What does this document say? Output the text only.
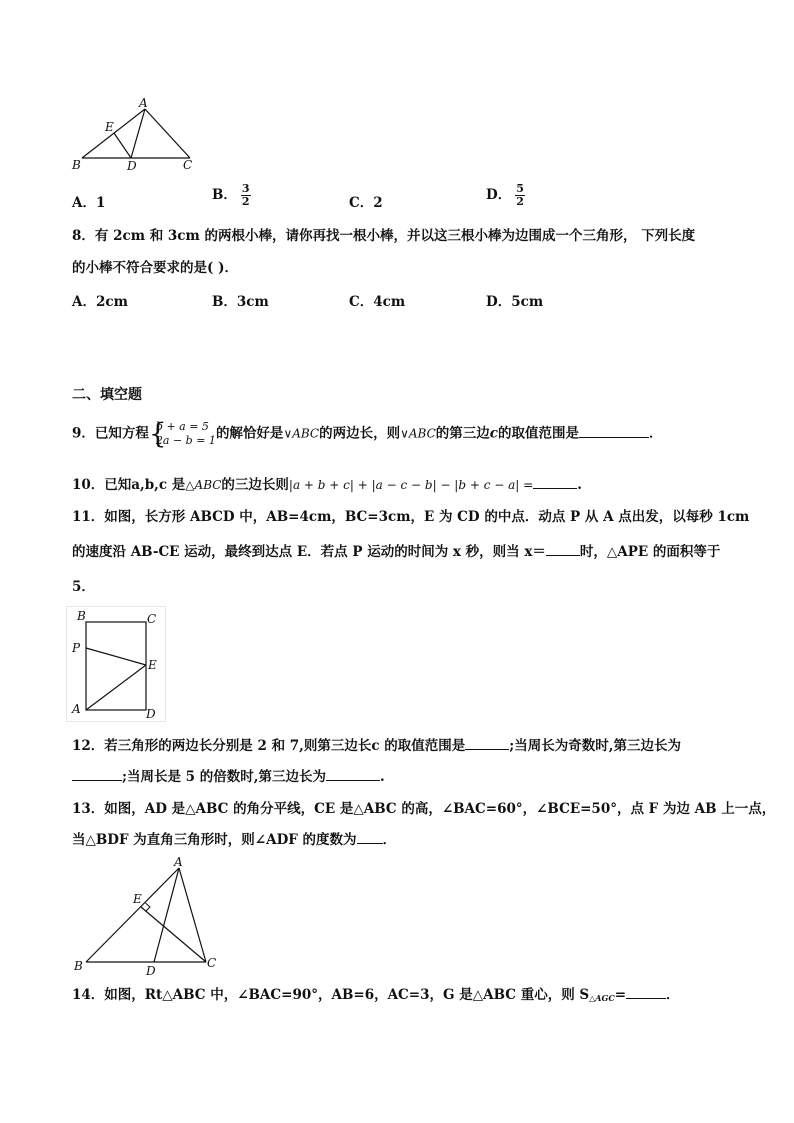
A
E
B	D	C
A．1	B． $\frac{3}{2}$	C．2	D． $\frac{5}{2}$
8．有 2cm 和 3cm 的两根小棒，请你再找一根小棒，并以这三根小棒为边围成一个三角形， 下列长度
的小棒不符合要求的是( )．
A．2cm	B．3cm	C．4cm	D．5cm
二、填空题
9．已知方程 {
b + a = 5
2a − b = 1 的解恰好是∨ABC的两边长，则∨ABC的第三边c的取值范围是	．
10．已知a,b,c 是△ABC的三边长则|a + b + c| + |a − c − b| − |b + c − a| =	.
11．如图，长方形 ABCD 中，AB=4cm，BC=3cm，E 为 CD 的中点．动点 P 从 A 点出发，以每秒 1cm
的速度沿 AB-CE 运动，最终到达点 E．若点 P 运动的时间为 x 秒，则当 x＝	时，△APE 的面积等于
5．
B	C
P
E
A	D
12．若三角形的两边长分别是 2 和 7,则第三边长c 的取值范围是	;当周长为奇数时,第三边长为
;当周长是 5 的倍数时,第三边长为	.
13．如图，AD 是△ABC 的角分平线，CE 是△ABC 的高，∠BAC=60°，∠BCE=50°，点 F 为边 AB 上一点，
当△BDF 为直角三角形时，则∠ADF 的度数为 ．
A
E
B	D
C
14．如图，Rt△ABC 中，∠BAC=90°，AB=6，AC=3，G 是△ABC 重心，则 $S_{\triangle AGC}=$	．
